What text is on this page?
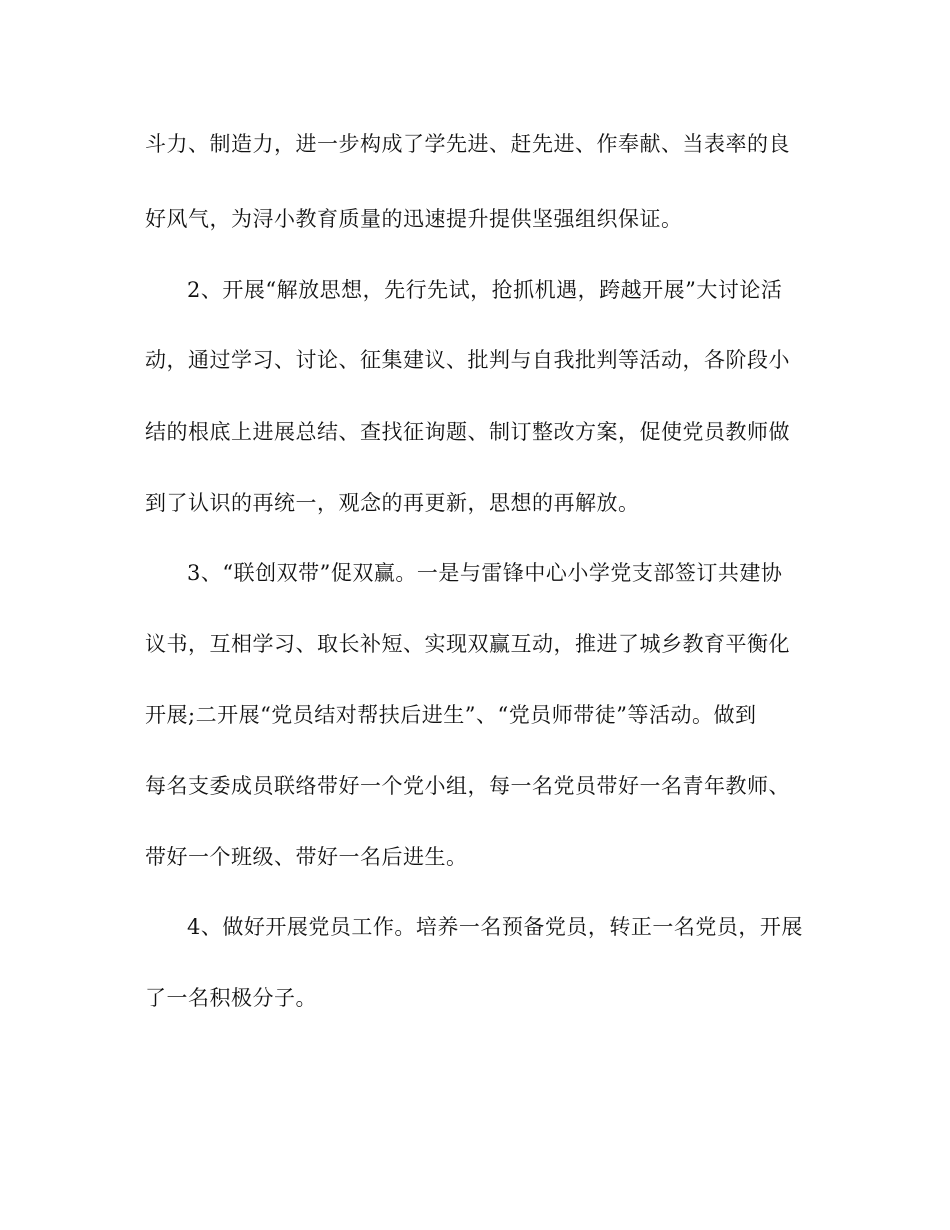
斗力、制造力，进一步构成了学先进、赶先进、作奉献、当表率的良
好风气，为浔小教育质量的迅速提升提供坚强组织保证。
2、开展“解放思想，先行先试，抢抓机遇，跨越开展”大讨论活
动，通过学习、讨论、征集建议、批判与自我批判等活动，各阶段小
结的根底上进展总结、查找征询题、制订整改方案，促使党员教师做
到了认识的再统一，观念的再更新，思想的再解放。
3、“联创双带”促双赢。一是与雷锋中心小学党支部签订共建协
议书，互相学习、取长补短、实现双赢互动，推进了城乡教育平衡化
开展;二开展“党员结对帮扶后进生”、“党员师带徒”等活动。做到
每名支委成员联络带好一个党小组，每一名党员带好一名青年教师、
带好一个班级、带好一名后进生。
4、做好开展党员工作。培养一名预备党员，转正一名党员，开展
了一名积极分子。
